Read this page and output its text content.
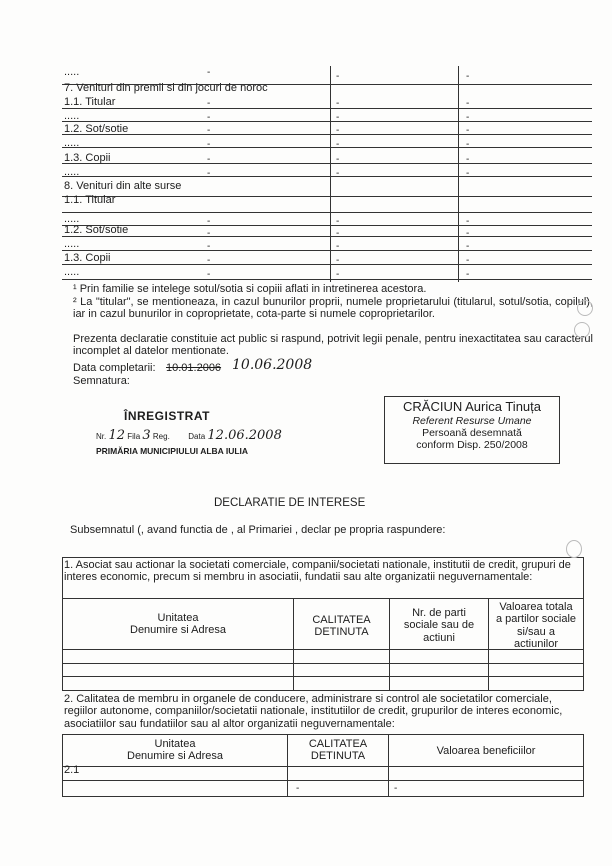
.....
7. Venituri din premii si din jocuri de noroc
1.1. Titular
.....
1.2. Sot/sotie
.....
1.3. Copii
.....
8. Venituri din alte surse
1.1. Titular
.....
1.2. Sot/sotie
.....
1.3. Copii
.....
-
-
-
-
-
-
-
-
-
-
-
-
-
-
-
-
-
-
-
-
-
-
-
-
-
-
-
-
-
-
-
-
-
-
-
-
¹ Prin familie se intelege sotul/sotia si copiii aflati in intretinerea acestora.
² La "titular", se mentioneaza, in cazul bunurilor proprii, numele proprietarului (titularul, sotul/sotia, copilul), iar in cazul bunurilor in coproprietate, cota-parte si numele coproprietarilor.
Prezenta declaratie constituie act public si raspund, potrivit legii penale, pentru inexactitatea sau caracterul incomplet al datelor mentionate.
Data completarii: 10.01.2006 10.06.2008
Semnatura:
ÎNREGISTRAT
Nr. 12 Fila 3 Reg. Data 12.06.2008
PRIMĂRIA MUNICIPIULUI ALBA IULIA
CRĂCIUN Aurica Tinuța
Referent Resurse Umane
Persoană desemnată
conform Disp. 250/2008
DECLARATIE DE INTERESE
Subsemnatul (, avand functia de , al Primariei , declar pe propria raspundere:
1. Asociat sau actionar la societati comerciale, companii/societati nationale, institutii de credit, grupuri de interes economic, precum si membru in asociatii, fundatii sau alte organizatii neguvernamentale:
Unitatea
Denumire si Adresa
CALITATEA
DETINUTA
Nr. de parti
sociale sau de
actiuni
Valoarea totala
a partilor sociale
si/sau a
actiunilor
2. Calitatea de membru in organele de conducere, administrare si control ale societatilor comerciale, regiilor autonome, companiilor/societatii nationale, institutiilor de credit, grupurilor de interes economic, asociatiilor sau fundatiilor sau al altor organizatii neguvernamentale:
Unitatea
Denumire si Adresa
CALITATEA
DETINUTA	Valoarea beneficiilor
2.1
-	-
